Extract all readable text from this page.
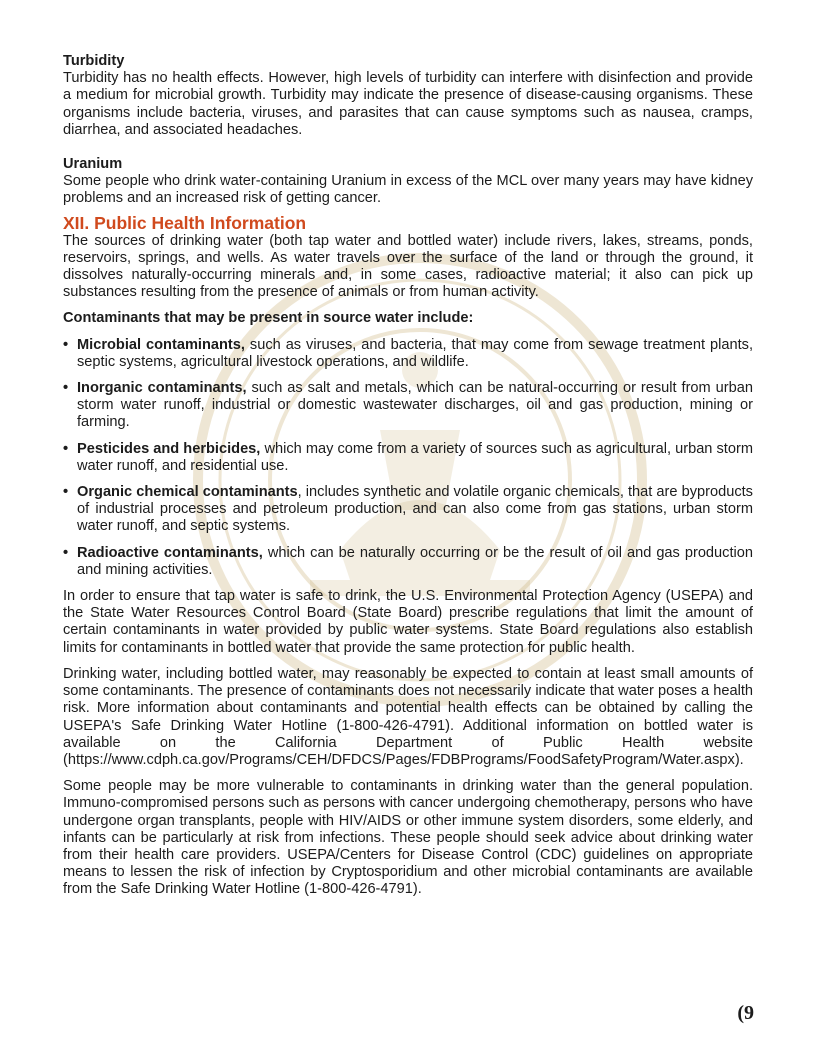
Turbidity

Turbidity has no health effects. However, high levels of turbidity can interfere with disinfection and provide a medium for microbial growth. Turbidity may indicate the presence of disease-causing organisms. These organisms include bacteria, viruses, and parasites that can cause symptoms such as nausea, cramps, diarrhea, and associated headaches.

Uranium

Some people who drink water-containing Uranium in excess of the MCL over many years may have kidney problems and an increased risk of getting cancer.

XII. Public Health Information

The sources of drinking water (both tap water and bottled water) include rivers, lakes, streams, ponds, reservoirs, springs, and wells. As water travels over the surface of the land or through the ground, it dissolves naturally-occurring minerals and, in some cases, radioactive material; it also can pick up substances resulting from the presence of animals or from human activity.

Contaminants that may be present in source water include:

• Microbial contaminants, such as viruses, and bacteria, that may come from sewage treatment plants, septic systems, agricultural livestock operations, and wildlife.
• Inorganic contaminants, such as salt and metals, which can be natural-occurring or result from urban storm water runoff, industrial or domestic wastewater discharges, oil and gas production, mining or farming.
• Pesticides and herbicides, which may come from a variety of sources such as agricultural, urban storm water runoff, and residential use.
• Organic chemical contaminants, includes synthetic and volatile organic chemicals, that are byproducts of industrial processes and petroleum production, and can also come from gas stations, urban storm water runoff, and septic systems.
• Radioactive contaminants, which can be naturally occurring or be the result of oil and gas production and mining activities.

In order to ensure that tap water is safe to drink, the U.S. Environmental Protection Agency (USEPA) and the State Water Resources Control Board (State Board) prescribe regulations that limit the amount of certain contaminants in water provided by public water systems. State Board regulations also establish limits for contaminants in bottled water that provide the same protection for public health.

Drinking water, including bottled water, may reasonably be expected to contain at least small amounts of some contaminants. The presence of contaminants does not necessarily indicate that water poses a health risk. More information about contaminants and potential health effects can be obtained by calling the USEPA's Safe Drinking Water Hotline (1-800-426-4791). Additional information on bottled water is available on the California Department of Public Health website (https://www.cdph.ca.gov/Programs/CEH/DFDCS/Pages/FDBPrograms/FoodSafetyProgram/Water.aspx).

Some people may be more vulnerable to contaminants in drinking water than the general population. Immuno-compromised persons such as persons with cancer undergoing chemotherapy, persons who have undergone organ transplants, people with HIV/AIDS or other immune system disorders, some elderly, and infants can be particularly at risk from infections. These people should seek advice about drinking water from their health care providers. USEPA/Centers for Disease Control (CDC) guidelines on appropriate means to lessen the risk of infection by Cryptosporidium and other microbial contaminants are available from the Safe Drinking Water Hotline (1-800-426-4791).

(9
